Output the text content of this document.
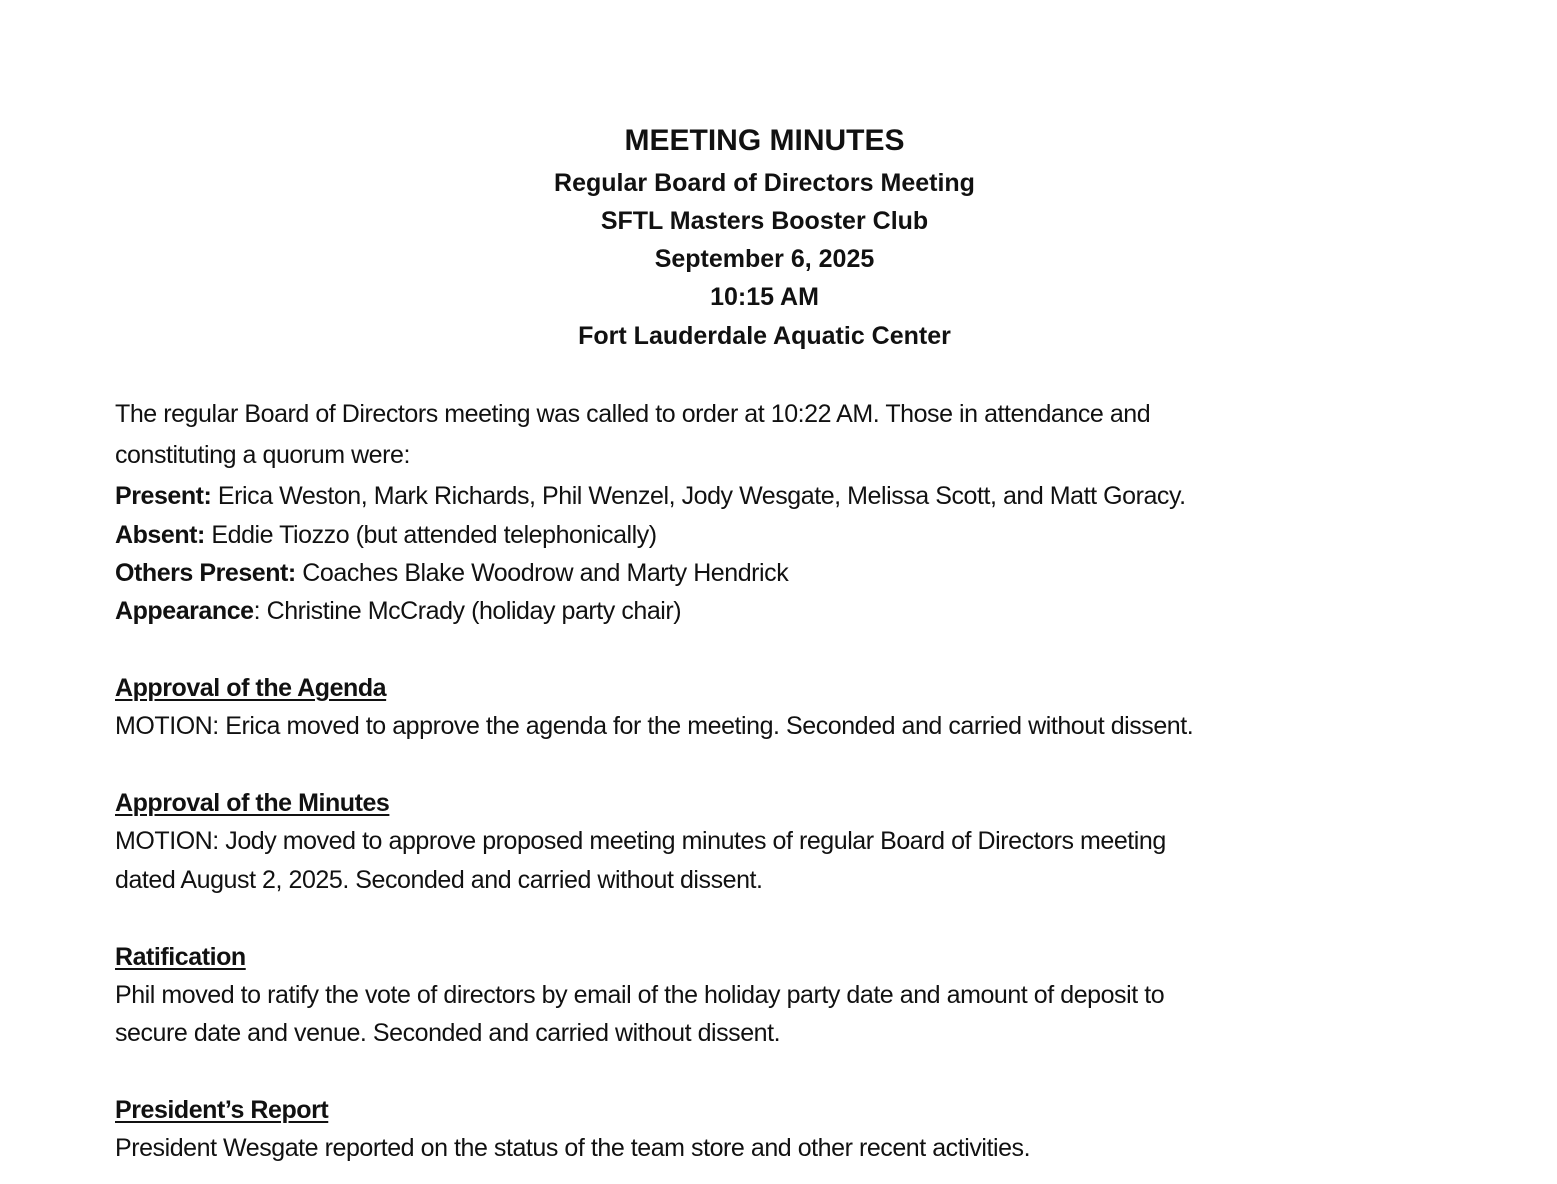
MEETING MINUTES
Regular Board of Directors Meeting
SFTL Masters Booster Club
September 6, 2025
10:15 AM
Fort Lauderdale Aquatic Center
The regular Board of Directors meeting was called to order at 10:22 AM. Those in attendance and
constituting a quorum were:
Present: Erica Weston, Mark Richards, Phil Wenzel, Jody Wesgate, Melissa Scott, and Matt Goracy.
Absent: Eddie Tiozzo (but attended telephonically)
Others Present: Coaches Blake Woodrow and Marty Hendrick
Appearance: Christine McCrady (holiday party chair)
Approval of the Agenda
MOTION: Erica moved to approve the agenda for the meeting. Seconded and carried without dissent.
Approval of the Minutes
MOTION: Jody moved to approve proposed meeting minutes of regular Board of Directors meeting
dated August 2, 2025. Seconded and carried without dissent.
Ratification
Phil moved to ratify the vote of directors by email of the holiday party date and amount of deposit to
secure date and venue. Seconded and carried without dissent.
President’s Report
President Wesgate reported on the status of the team store and other recent activities.
